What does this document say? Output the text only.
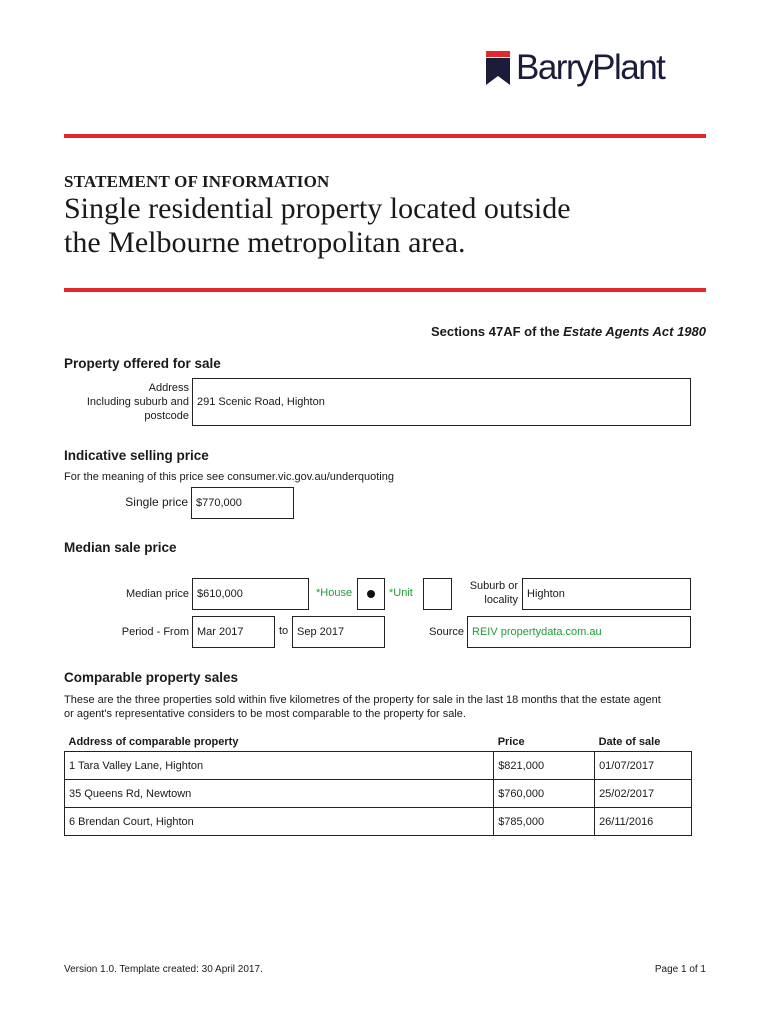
BarryPlant
STATEMENT OF INFORMATION
Single residential property located outside
the Melbourne metropolitan area.
Sections 47AF of the Estate Agents Act 1980
Property offered for sale
Address
Including suburb and
postcode
291 Scenic Road, Highton
Indicative selling price
For the meaning of this price see consumer.vic.gov.au/underquoting
Single price $770,000
Median sale price
Median price $610,000	*House	*Unit
Suburb or
locality Highton
Period - From Mar 2017	to Sep 2017	Source REIV propertydata.com.au
Comparable property sales
These are the three properties sold within five kilometres of the property for sale in the last 18 months that the estate agent
or agent's representative considers to be most comparable to the property for sale.
Address of comparable property	Price	Date of sale
1 Tara Valley Lane, Highton	$821,000	01/07/2017
35 Queens Rd, Newtown	$760,000	25/02/2017
6 Brendan Court, Highton	$785,000	26/11/2016
Version 1.0. Template created: 30 April 2017.	Page 1 of 1
